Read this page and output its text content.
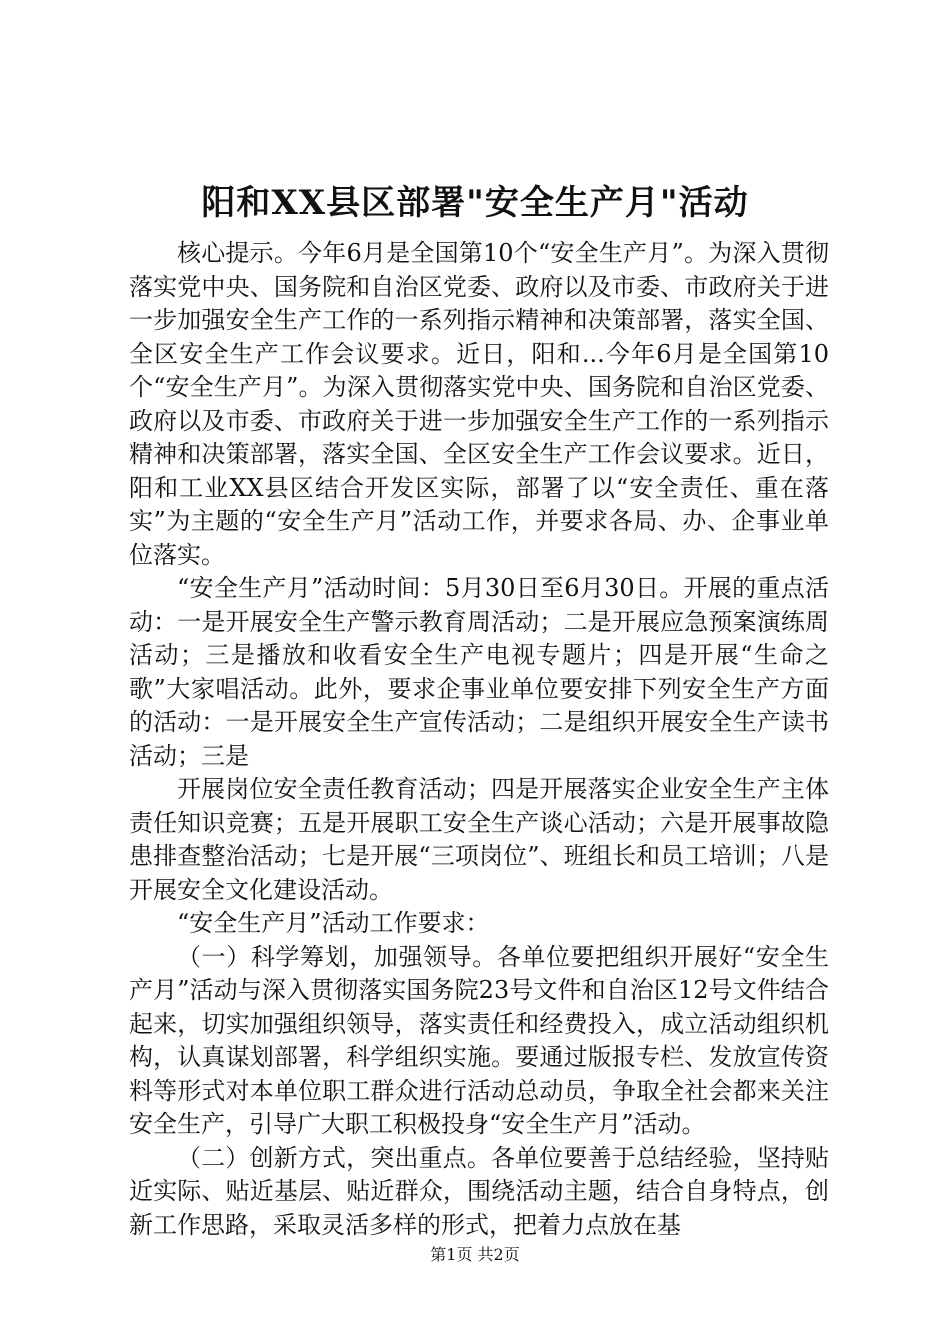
阳和XX县区部署"安全生产月"活动

核心提示。今年6月是全国第10个“安全生产月”。为深入贯彻落实党中央、国务院和自治区党委、政府以及市委、市政府关于进一步加强安全生产工作的一系列指示精神和决策部署，落实全国、全区安全生产工作会议要求。近日，阳和...今年6月是全国第10个“安全生产月”。为深入贯彻落实党中央、国务院和自治区党委、政府以及市委、市政府关于进一步加强安全生产工作的一系列指示精神和决策部署，落实全国、全区安全生产工作会议要求。近日，阳和工业XX县区结合开发区实际，部署了以“安全责任、重在落实”为主题的“安全生产月”活动工作，并要求各局、办、企事业单位落实。

“安全生产月”活动时间：5月30日至6月30日。开展的重点活动：一是开展安全生产警示教育周活动；二是开展应急预案演练周活动；三是播放和收看安全生产电视专题片；四是开展“生命之歌”大家唱活动。此外，要求企事业单位要安排下列安全生产方面的活动：一是开展安全生产宣传活动；二是组织开展安全生产读书活动；三是

开展岗位安全责任教育活动；四是开展落实企业安全生产主体责任知识竞赛；五是开展职工安全生产谈心活动；六是开展事故隐患排查整治活动；七是开展“三项岗位”、班组长和员工培训；八是开展安全文化建设活动。

“安全生产月”活动工作要求：

（一）科学筹划，加强领导。各单位要把组织开展好“安全生产月”活动与深入贯彻落实国务院23号文件和自治区12号文件结合起来，切实加强组织领导，落实责任和经费投入，成立活动组织机构，认真谋划部署，科学组织实施。要通过版报专栏、发放宣传资料等形式对本单位职工群众进行活动总动员，争取全社会都来关注安全生产，引导广大职工积极投身“安全生产月”活动。

（二）创新方式，突出重点。各单位要善于总结经验，坚持贴近实际、贴近基层、贴近群众，围绕活动主题，结合自身特点，创新工作思路，采取灵活多样的形式，把着力点放在基

第1页 共2页
